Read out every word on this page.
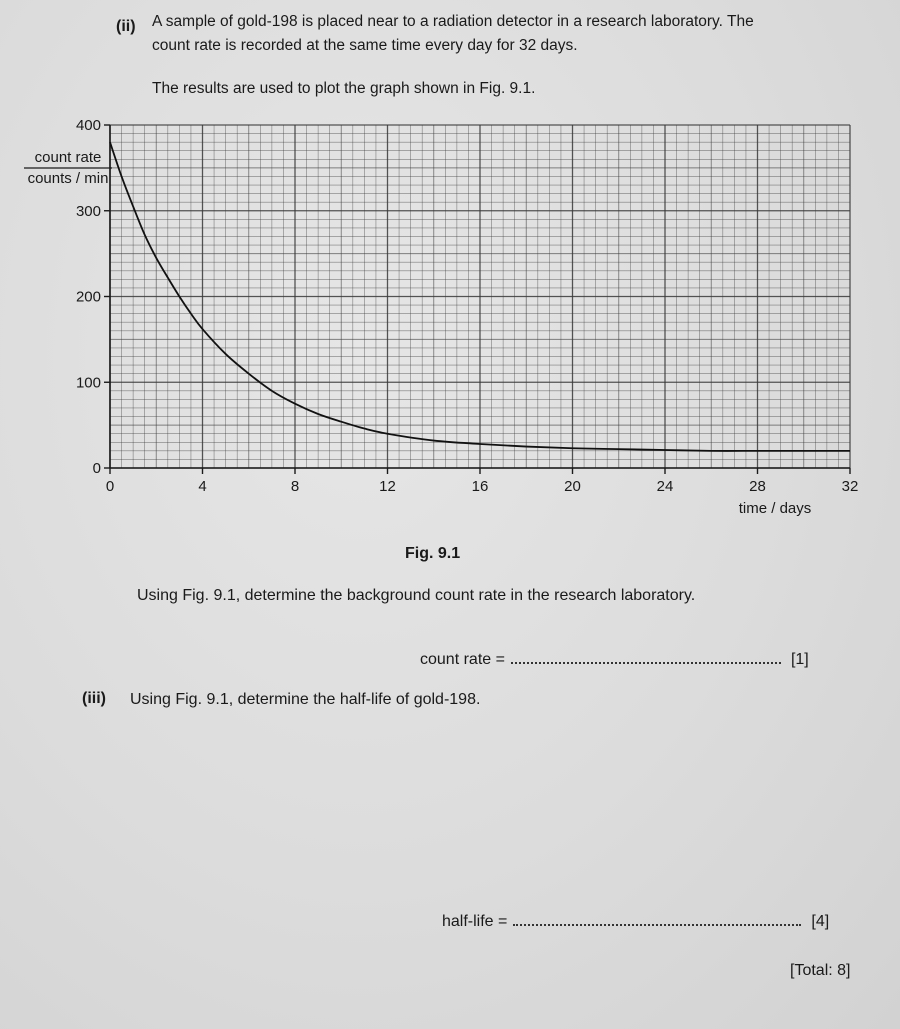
(ii) A sample of gold-198 is placed near to a radiation detector in a research laboratory. The
count rate is recorded at the same time every day for 32 days.
The results are used to plot the graph shown in Fig. 9.1.
0	4	8	12	16	20	24	28	32
0
100
200
300
400
time / days
count rate
counts / min
Fig. 9.1
Using Fig. 9.1, determine the background count rate in the research laboratory.
count rate =	[1]
(iii) Using Fig. 9.1, determine the half-life of gold-198.
half-life =	[4]
[Total: 8]
